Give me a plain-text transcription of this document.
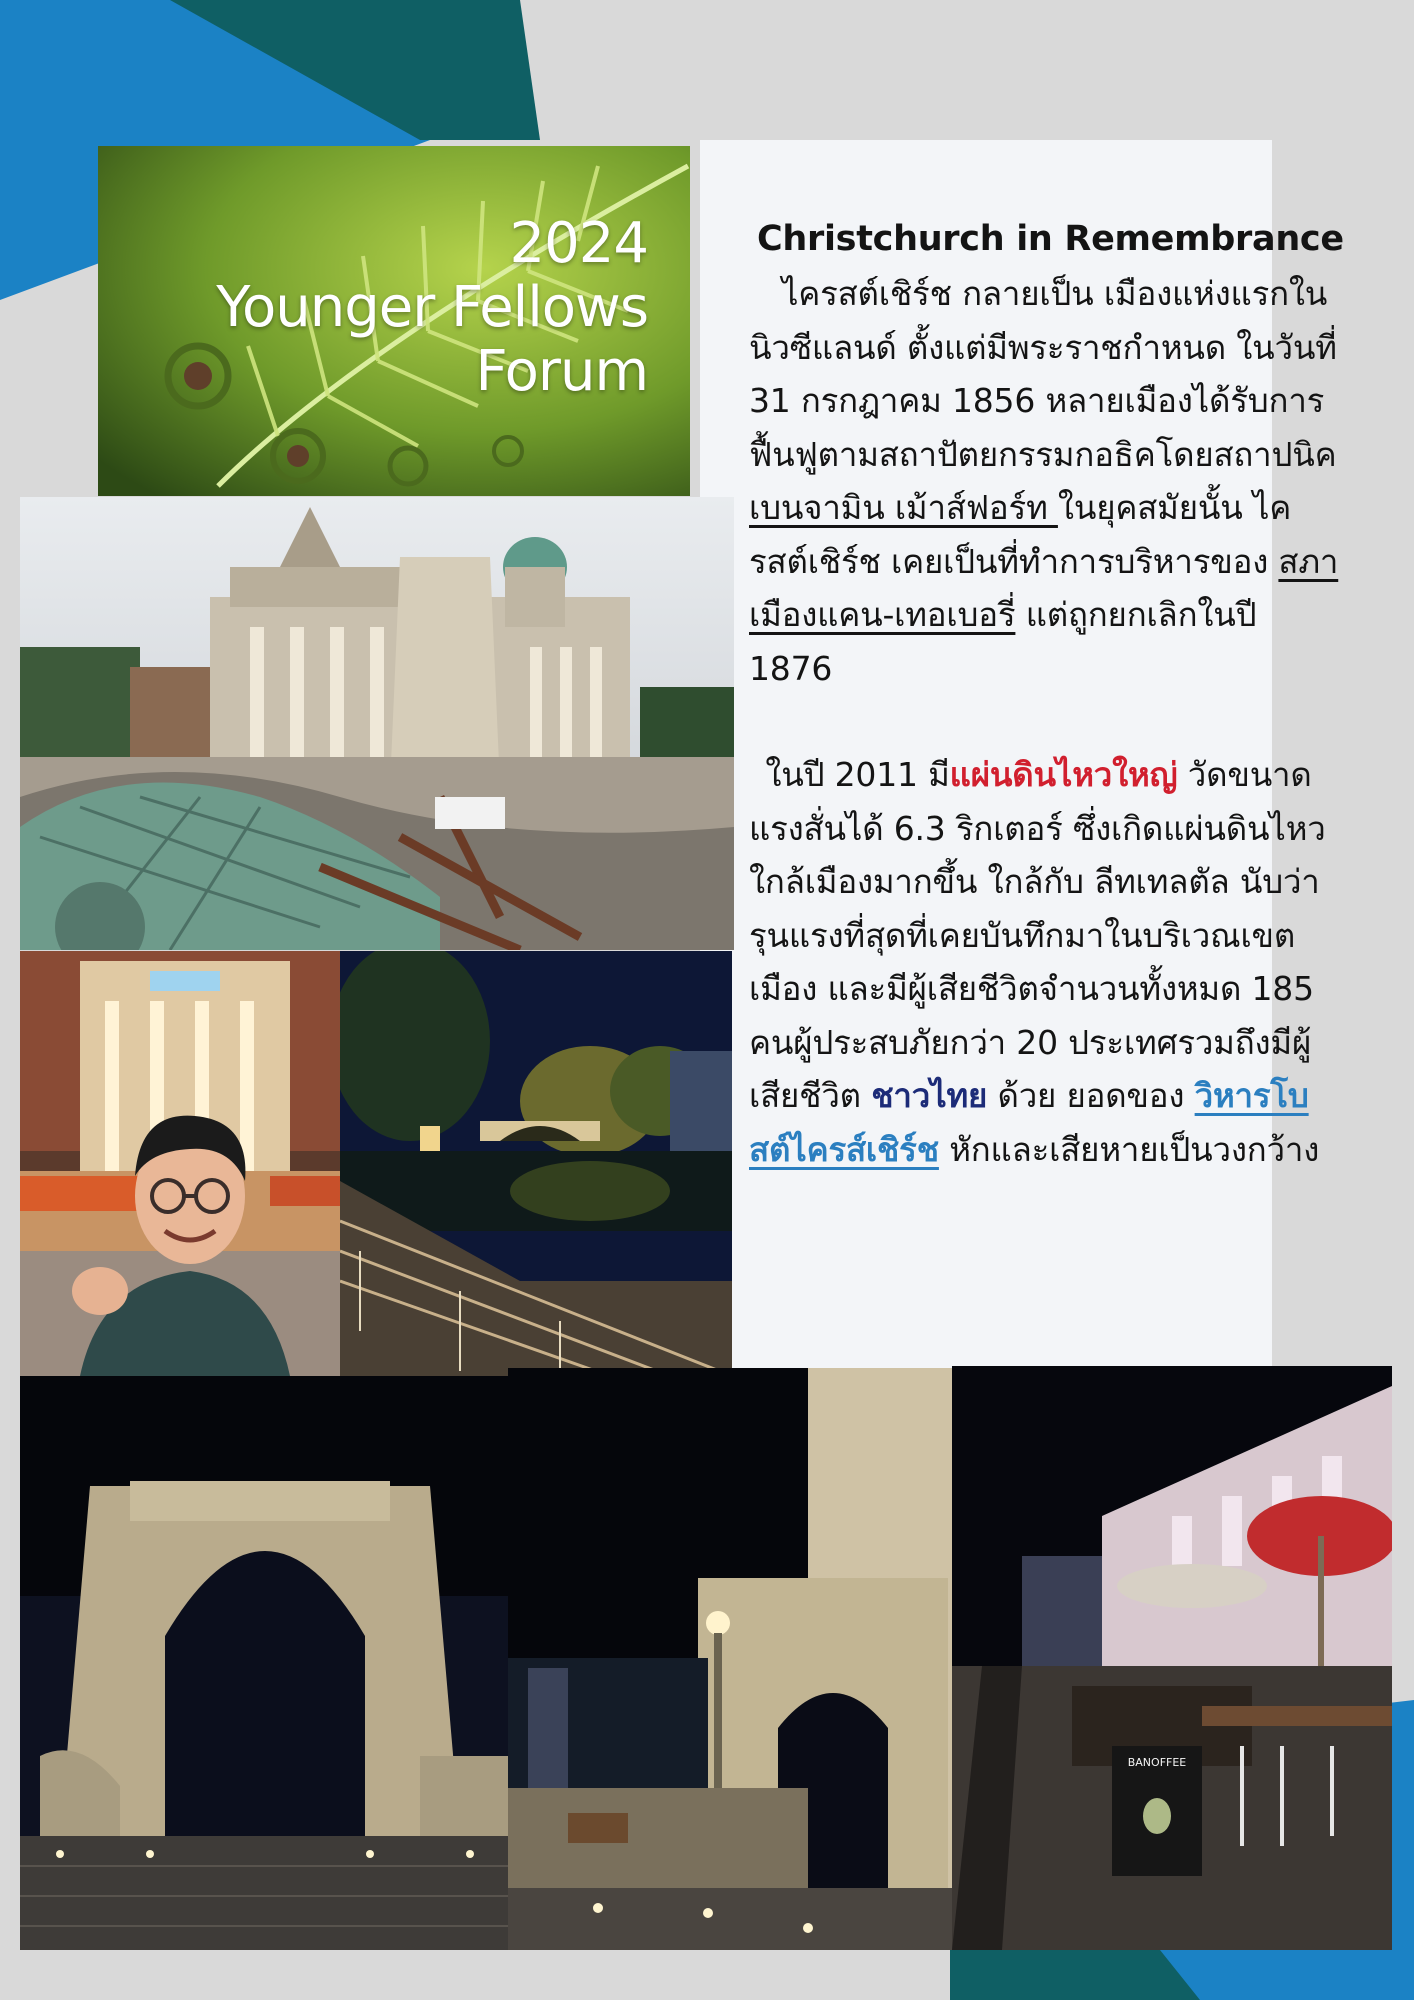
2024
Younger Fellows
Forum
BANOFFEE
Christchurch in Remembrance

 ไครสต์เชิร์ช กลายเป็น เมืองแห่งแรกในนิวซีแลนด์ ตั้งแต่มีพระราชกำหนด ในวันที่ 31 กรกฎาคม 1856 หลายเมืองได้รับการฟื้นฟูตามสถาปัตยกรรมกอธิคโดยสถาปนิค เบนจามิน เม้าส์ฟอร์ท ในยุคสมัยนั้น ไครสต์เชิร์ช เคยเป็นที่ทำการบริหารของ สภาเมืองแคน-เทอเบอรี่ แต่ถูกยกเลิกในปี 1876

 ในปี 2011 มีแผ่นดินไหวใหญ่ วัดขนาดแรงสั่นได้ 6.3 ริกเตอร์ ซึ่งเกิดแผ่นดินไหวใกล้เมืองมากขึ้น ใกล้กับ ลีทเทลตัล นับว่ารุนแรงที่สุดที่เคยบันทึกมาในบริเวณเขตเมือง และมีผู้เสียชีวิตจำนวนทั้งหมด 185 คนผู้ประสบภัยกว่า 20 ประเทศรวมถึงมีผู้เสียชีวิต ชาวไทย ด้วย ยอดของ วิหารโบสต์ไครส์เชิร์ช หักและเสียหายเป็นวงกว้าง
